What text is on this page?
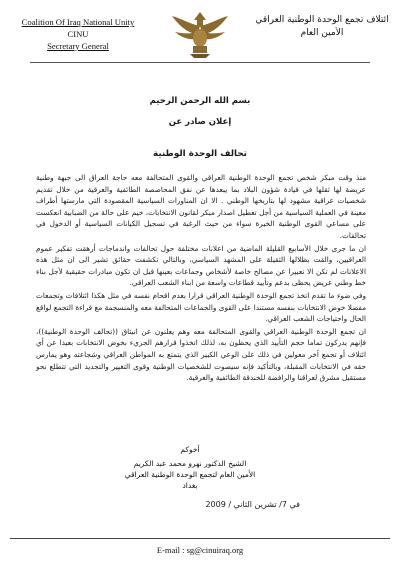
Coalition Of Iraq National Unity
CINU
Secretary General
ائتلاف تجمع الوحدة الوطنية العراقي
الأمين العام
بسم الله الرحمن الرحيم
إعلان صادر عن
تحالف الوحدة الوطنية

منذ وقت مبكر شخص تجمع الوحدة الوطنية العراقي والقوى المتحالفة معه حاجة العراق الى جبهة وطنية عريضة لها ثقلها في قيادة شؤون البلاد بما يبعدها عن نفق المحاصصة الطائفية والعرقية من خلال تقديم شخصيات عراقية مشهود لها بتاريخها الوطني . الا ان المناورات السياسية المقصودة التي مارستها أطراف معينة في العملية السياسية من أجل تعطيل اصدار مبكر لقانون الانتخابات، خيم على حالة من الضبابية انعكست على مساعي القوى الوطنية الخيرة سواء من حيث الرغبة في تسجيل الكيانات السياسية أو الدخول في تحالفات.

ان ما جرى خلال الأسابيع القليلة الماضية من اعلانات مختلفة حول تحالفات واندماجات أرهقت تفكير عموم العراقيين، والقت بظلالها الثقيلة على المشهد السياسي، وبالتالي تكشفت حقائق تشير الى ان مثل هذه الاعلانات لم تكن الا تعبيرا عن مصالح خاصة لأشخاص وجماعات بعينها قبل ان تكون مبادرات حقيقية لأجل بناء خط وطني عريض يحظى بدعم وتأييد قطاعات واسعة من ابناء الشعب العراقي.

وفي ضوء ما تقدم اتخذ تجمع الوحدة الوطنية العراقي قرارا بعدم اقحام نفسه في مثل هكذا ائتلافات وتجمعات مفضلا خوض الانتخابات بنفسه مستندا على القوى والجماعات المتحالفة معه والمنسجمة مع قراءة التجمع لواقع الحال واحتياجات الشعب العراقي.

ان تجمع الوحدة الوطنية العراقي والقوى المتحالفة معه وهم يعلنون عن انبثاق ((تحالف الوحدة الوطنية))، فإنهم يدركون تماما حجم التأييد الذي يحظون به، لذلك اتخذوا قرارهم الجريء بخوض الانتخابات بعيدا عن أي ائتلاف أو تجمع آخر معولين في ذلك على الوعي الكبير الذي يتمتع به المواطن العراقي وشجاعته وهو يمارس حقه في الانتخابات المقبلة، وبالتأكيد فإنه سيصوت للشخصيات الوطنية وقوى التغيير والتجديد التي تتطلع نحو مستقبل مشرق لعراقنا والرافضة للخندقة الطائفية والعرقية.

أخوكم
الشيخ الدكتور نهرو محمد عبد الكريم
الأمين العام لتجمع الوحدة الوطنية العراقي
بغداد
في 7/ تشرين الثاني / 2009
E-mail : sg@cinuiraq.org
